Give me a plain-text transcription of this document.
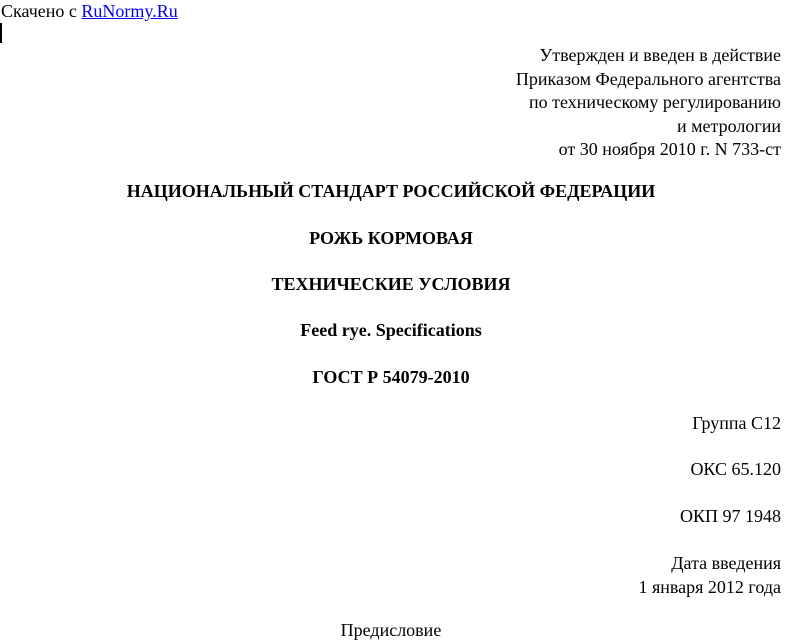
Скачено с RuNormy.Ru
Утвержден и введен в действие
Приказом Федерального агентства
по техническому регулированию
и метрологии
от 30 ноября 2010 г. N 733-ст
НАЦИОНАЛЬНЫЙ СТАНДАРТ РОССИЙСКОЙ ФЕДЕРАЦИИ
РОЖЬ КОРМОВАЯ
ТЕХНИЧЕСКИЕ УСЛОВИЯ
Feed rye. Specifications
ГОСТ Р 54079-2010
Группа С12
ОКС 65.120
ОКП 97 1948
Дата введения
1 января 2012 года
Предисловие
